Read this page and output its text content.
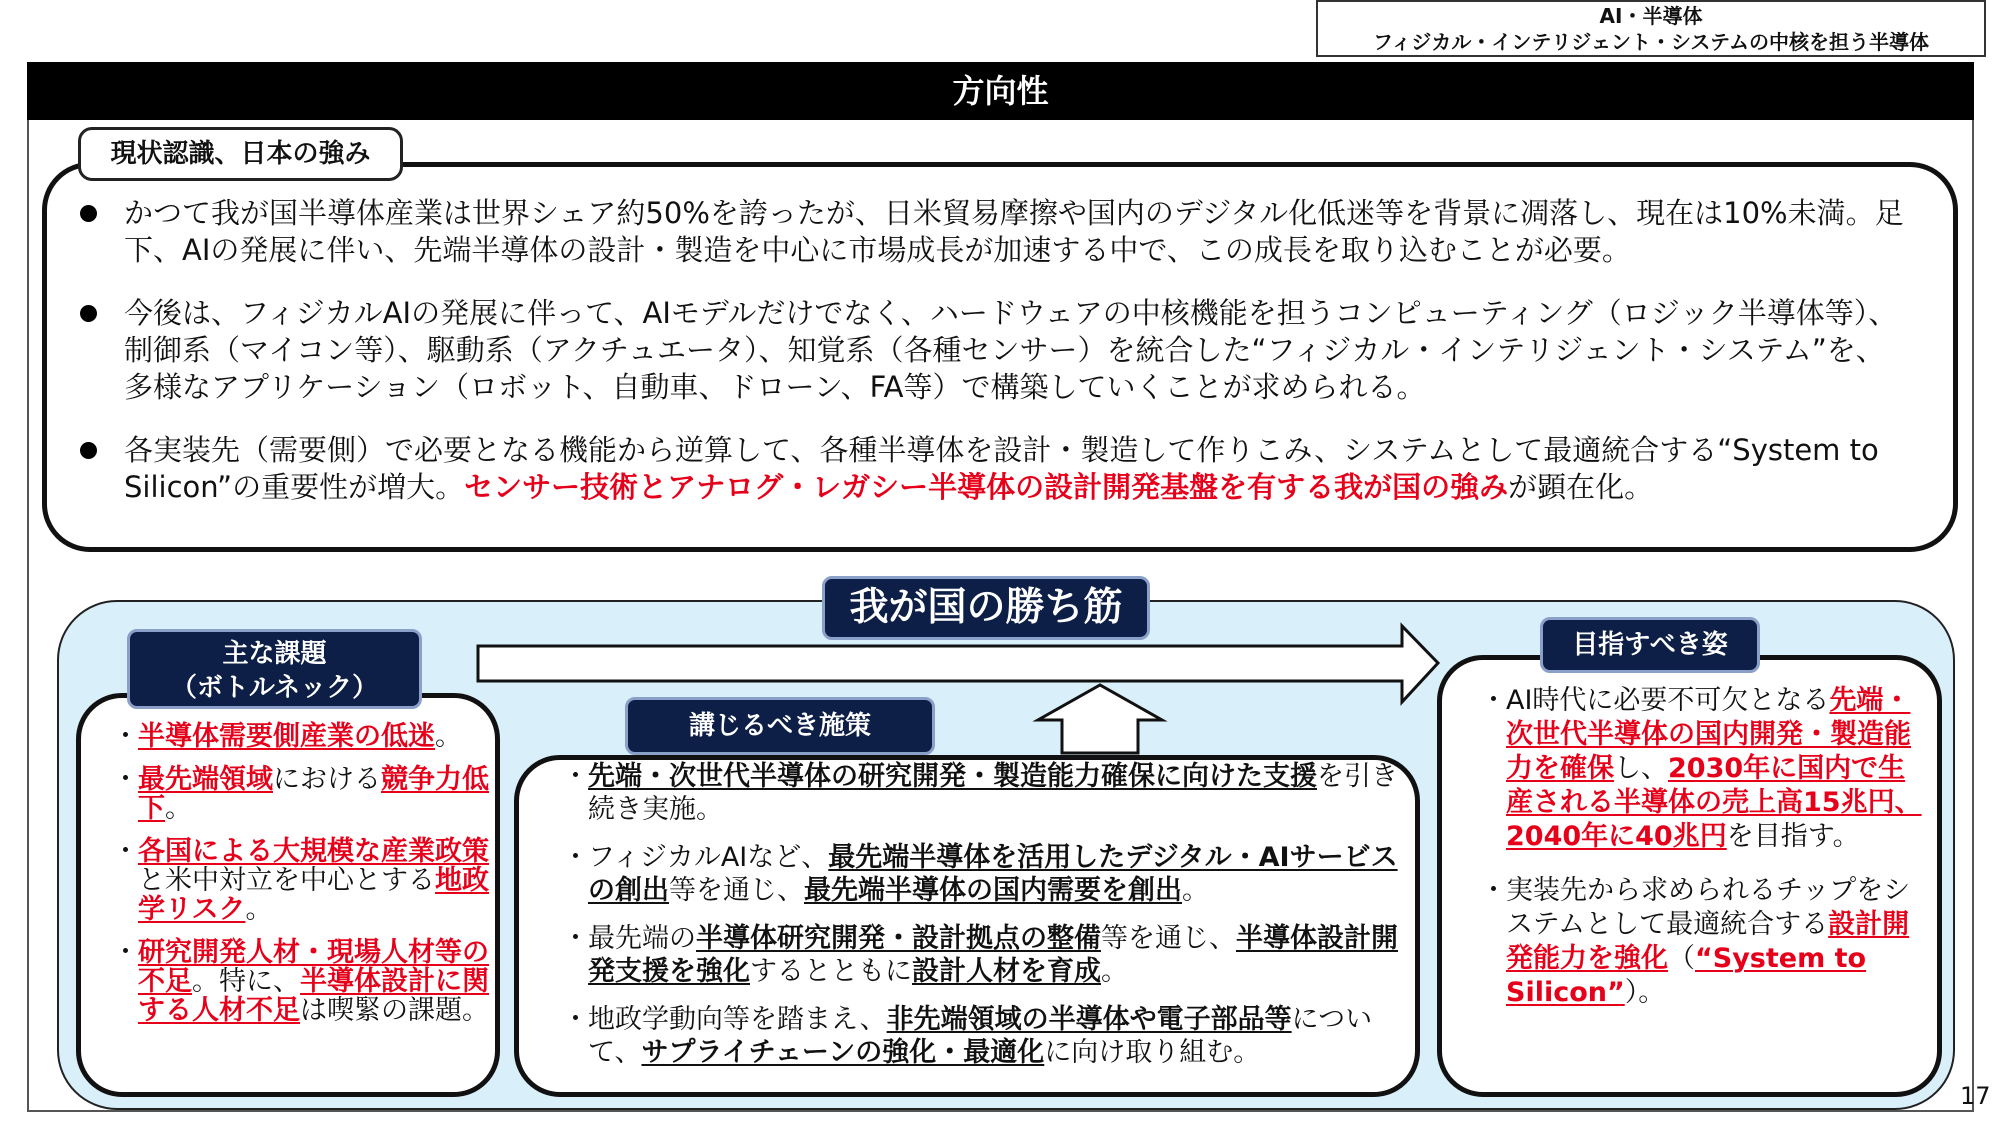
AI・半導体
フィジカル・インテリジェント・システムの中核を担う半導体
方向性
17
現状認識、日本の強み
かつて我が国半導体産業は世界シェア約50%を誇ったが、日米貿易摩擦や国内のデジタル化低迷等を背景に凋落し、現在は10%未満。足下、AIの発展に伴い、先端半導体の設計・製造を中心に市場成長が加速する中で、この成長を取り込むことが必要。
今後は、フィジカルAIの発展に伴って、AIモデルだけでなく、ハードウェアの中核機能を担うコンピューティング（ロジック半導体等）、制御系（マイコン等）、駆動系（アクチュエータ）、知覚系（各種センサー）を統合した“フィジカル・インテリジェント・システム”を、多様なアプリケーション（ロボット、自動車、ドローン、FA等）で構築していくことが求められる。
各実装先（需要側）で必要となる機能から逆算して、各種半導体を設計・製造して作りこみ、システムとして最適統合する“System to Silicon”の重要性が増大。センサー技術とアナログ・レガシー半導体の設計開発基盤を有する我が国の強みが顕在化。
我が国の勝ち筋
主な課題
（ボトルネック）
講じるべき施策
目指すべき姿
・ 半導体需要側産業の低迷。
・ 最先端領域における競争力低下。
・ 各国による大規模な産業政策と米中対立を中心とする地政学リスク。
・ 研究開発人材・現場人材等の不足。特に、半導体設計に関する人材不足は喫緊の課題。
・ 先端・次世代半導体の研究開発・製造能力確保に向けた支援を引き続き実施。
・ フィジカルAIなど、最先端半導体を活用したデジタル・AIサービスの創出等を通じ、最先端半導体の国内需要を創出。
・ 最先端の半導体研究開発・設計拠点の整備等を通じ、半導体設計開発支援を強化するとともに設計人材を育成。
・ 地政学動向等を踏まえ、非先端領域の半導体や電子部品等について、サプライチェーンの強化・最適化に向け取り組む。
・ AI時代に必要不可欠となる先端・次世代半導体の国内開発・製造能力を確保し、2030年に国内で生産される半導体の売上高15兆円、2040年に40兆円を目指す。
・ 実装先から求められるチップをシステムとして最適統合する設計開発能力を強化（“System to Silicon”）。
